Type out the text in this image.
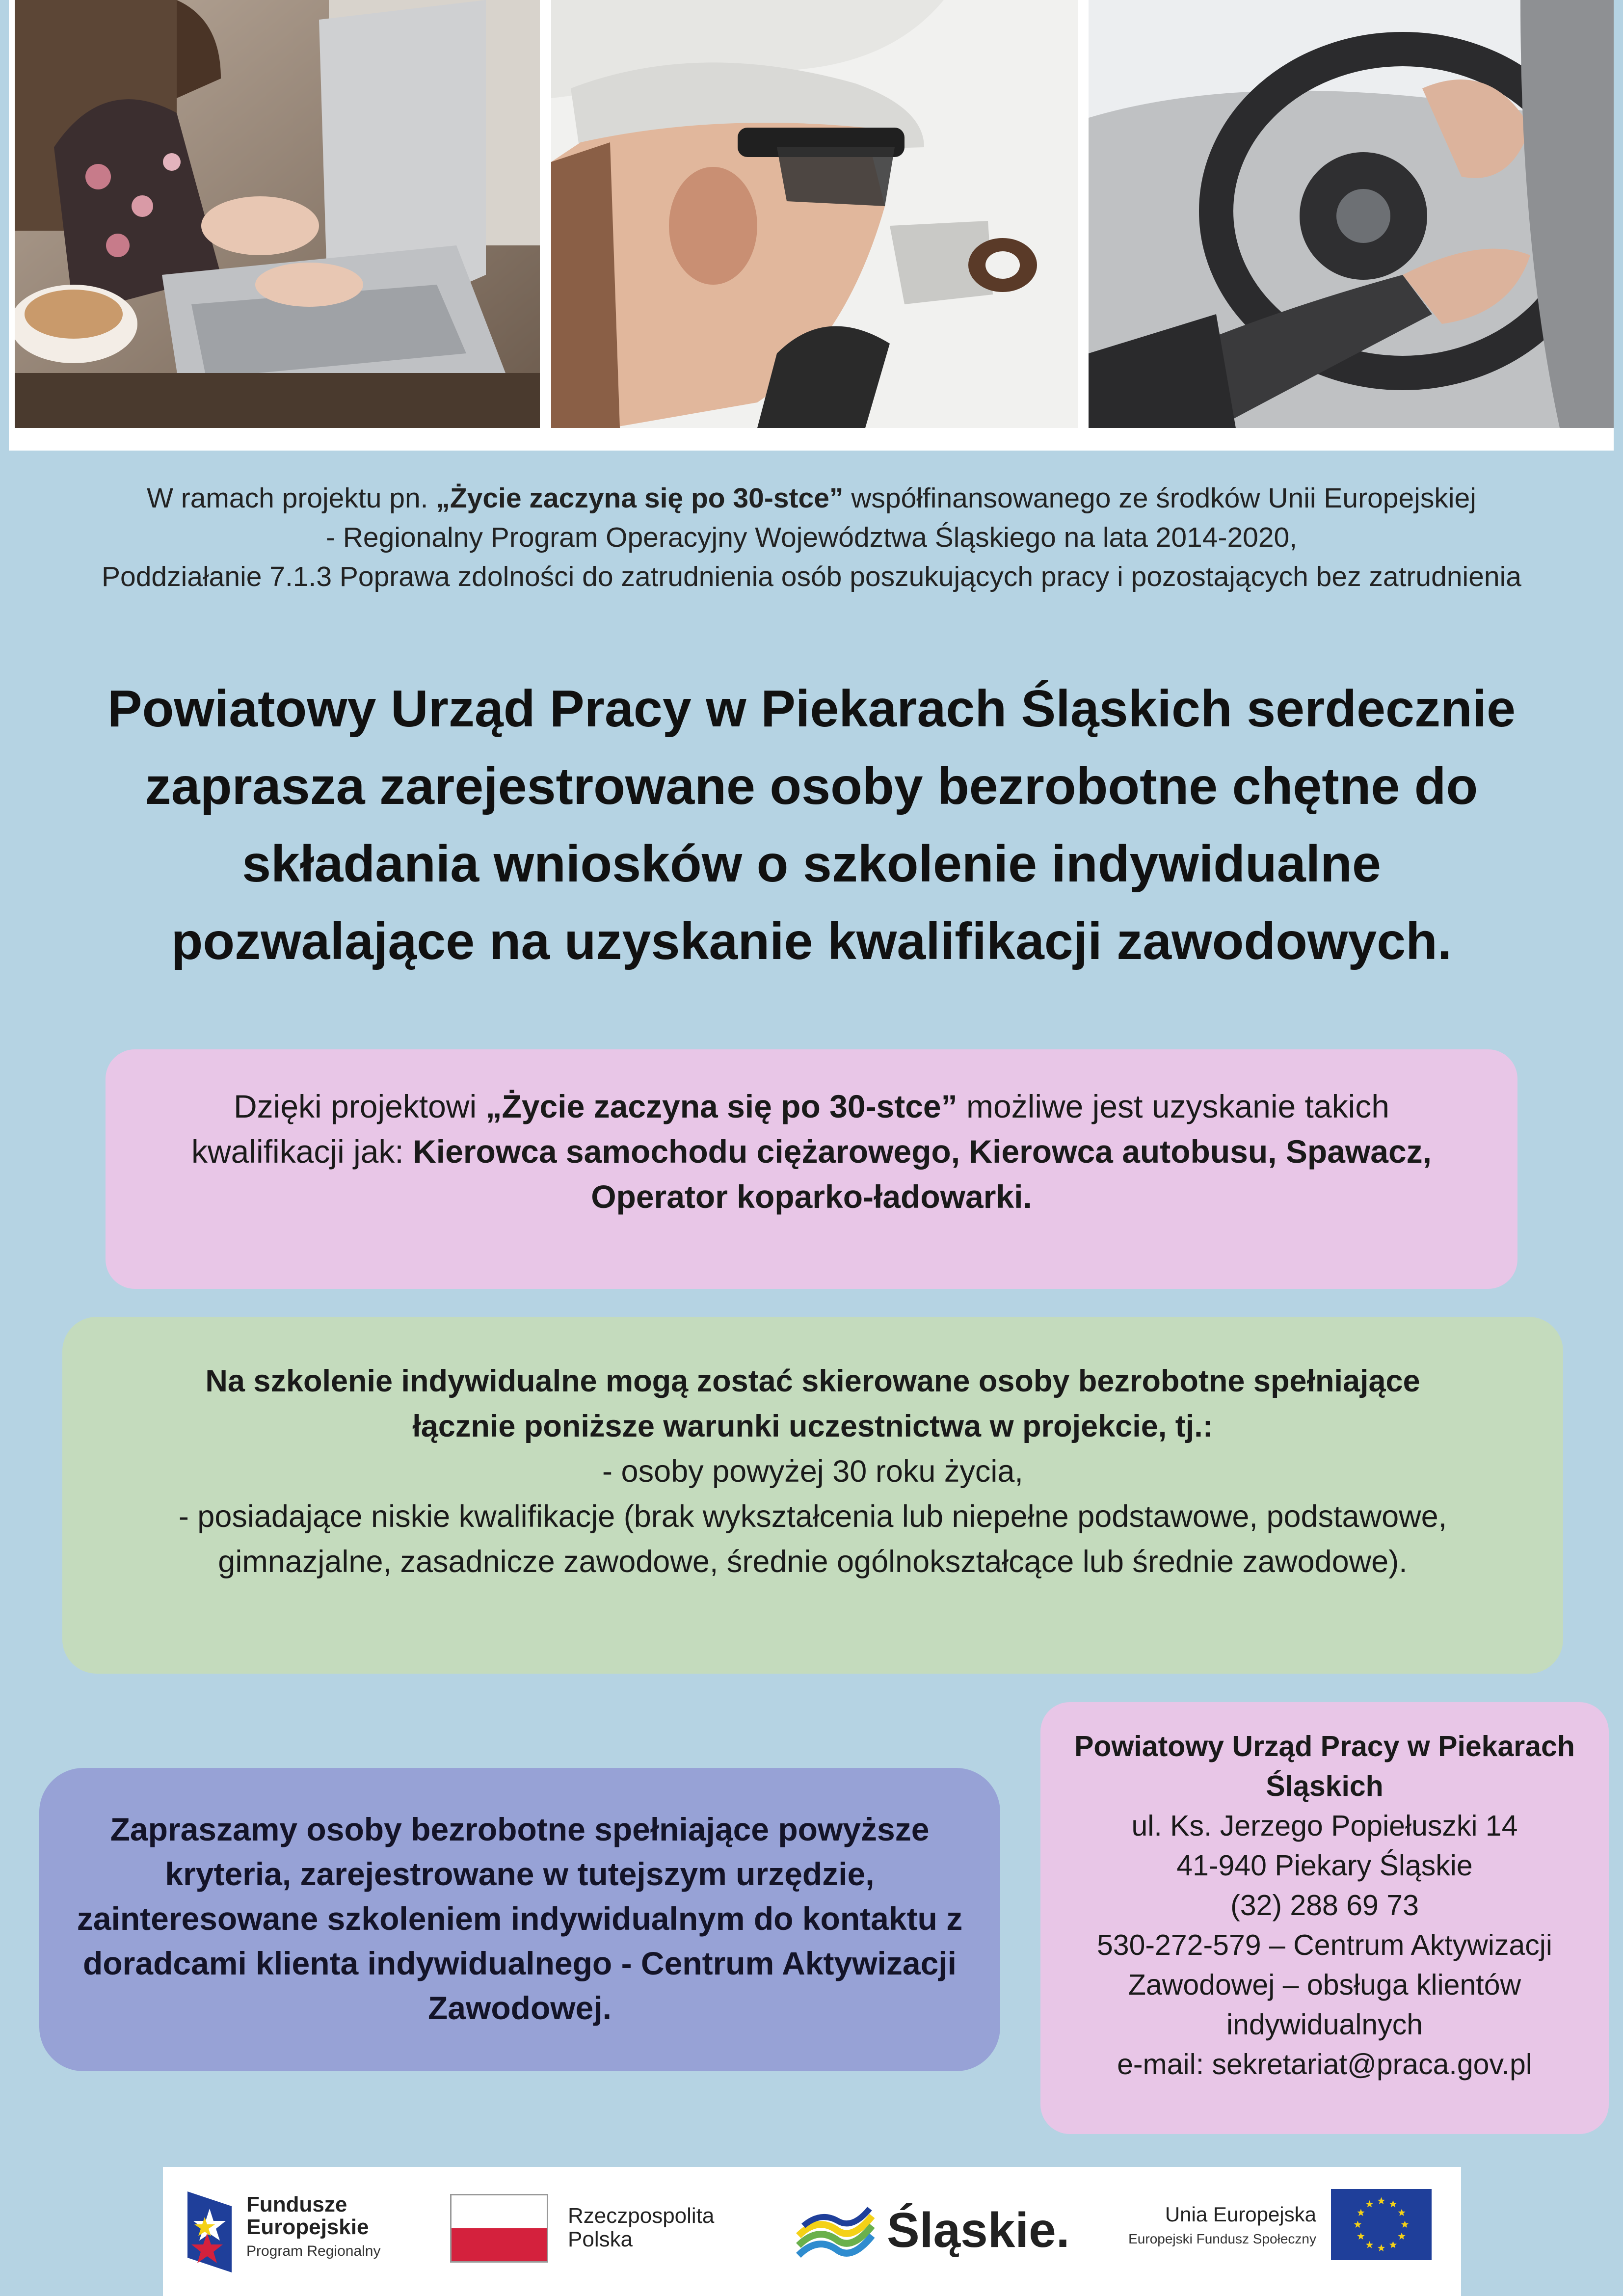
W ramach projektu pn. „Życie zaczyna się po 30-stce” współfinansowanego ze środków Unii Europejskiej
- Regionalny Program Operacyjny Województwa Śląskiego na lata 2014-2020,
Poddziałanie 7.1.3 Poprawa zdolności do zatrudnienia osób poszukujących pracy i pozostających bez zatrudnienia
Powiatowy Urząd Pracy w Piekarach Śląskich serdecznie
zaprasza zarejestrowane osoby bezrobotne chętne do
składania wniosków o szkolenie indywidualne
pozwalające na uzyskanie kwalifikacji zawodowych.
Dzięki projektowi „Życie zaczyna się po 30-stce” możliwe jest uzyskanie takich kwalifikacji jak: Kierowca samochodu ciężarowego, Kierowca autobusu, Spawacz, Operator koparko-ładowarki.
Na szkolenie indywidualne mogą zostać skierowane osoby bezrobotne spełniające łącznie poniższe warunki uczestnictwa w projekcie, tj.:
- osoby powyżej 30 roku życia,
- posiadające niskie kwalifikacje (brak wykształcenia lub niepełne podstawowe, podstawowe, gimnazjalne, zasadnicze zawodowe, średnie ogólnokształcące lub średnie zawodowe).
Zapraszamy osoby bezrobotne spełniające powyższe kryteria, zarejestrowane w tutejszym urzędzie, zainteresowane szkoleniem indywidualnym do kontaktu z doradcami klienta indywidualnego - Centrum Aktywizacji Zawodowej.
Powiatowy Urząd Pracy w Piekarach Śląskich
ul. Ks. Jerzego Popiełuszki 14
41-940 Piekary Śląskie
(32) 288 69 73
530-272-579 – Centrum Aktywizacji Zawodowej – obsługa klientów indywidualnych
e-mail: sekretariat@praca.gov.pl
Fundusze
Europejskie
Program Regionalny
Rzeczpospolita
Polska	Śląskie.	Unia Europejska
Europejski Fundusz Społeczny
